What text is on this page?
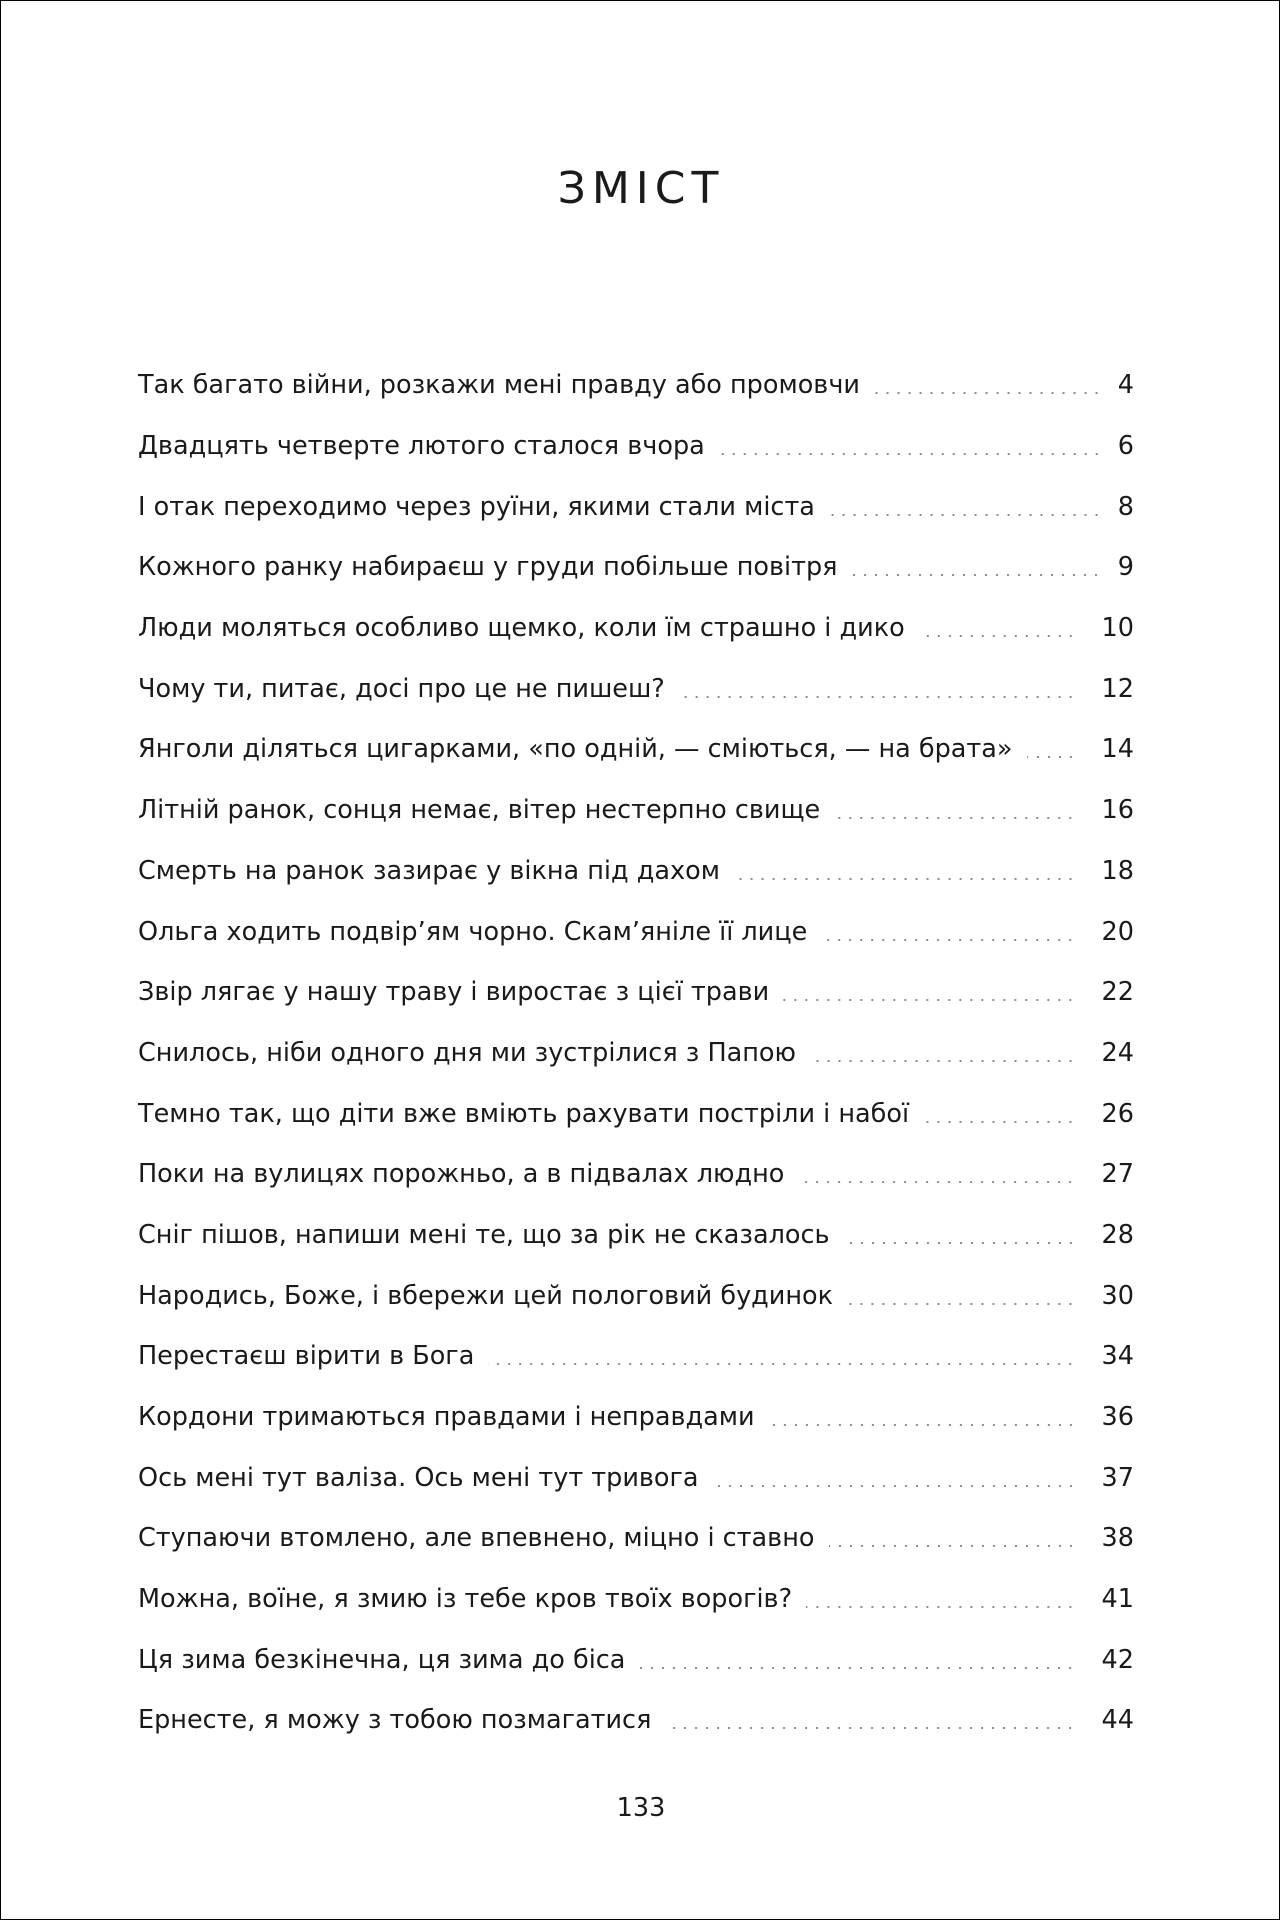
ЗМІСТ
Так багато війни, розкажи мені правду або промовчи	4
Двадцять четверте лютого сталося вчора	6
І отак переходимо через руїни, якими стали міста	8
Кожного ранку набираєш у груди побільше повітря	9
Люди моляться особливо щемко, коли їм страшно і дико	10
Чому ти, питає, досі про це не пишеш?	12
Янголи діляться цигарками, «по одній, — сміються, — на брата»	14
Літній ранок, сонця немає, вітер нестерпно свище	16
Смерть на ранок зазирає у вікна під дахом	18
Ольга ходить подвір’ям чорно. Скам’яніле її лице	20
Звір лягає у нашу траву і виростає з цієї трави	22
Снилось, ніби одного дня ми зустрілися з Папою	24
Темно так, що діти вже вміють рахувати постріли і набої	26
Поки на вулицях порожньо, а в підвалах людно	27
Сніг пішов, напиши мені те, що за рік не сказалось	28
Народись, Боже, і вбережи цей пологовий будинок	30
Перестаєш вірити в Бога	34
Кордони тримаються правдами і неправдами	36
Ось мені тут валіза. Ось мені тут тривога	37
Ступаючи втомлено, але впевнено, міцно і ставно	38
Можна, воїне, я змию із тебе кров твоїх ворогів?	41
Ця зима безкінечна, ця зима до біса	42
Ернесте, я можу з тобою позмагатися	44
133
